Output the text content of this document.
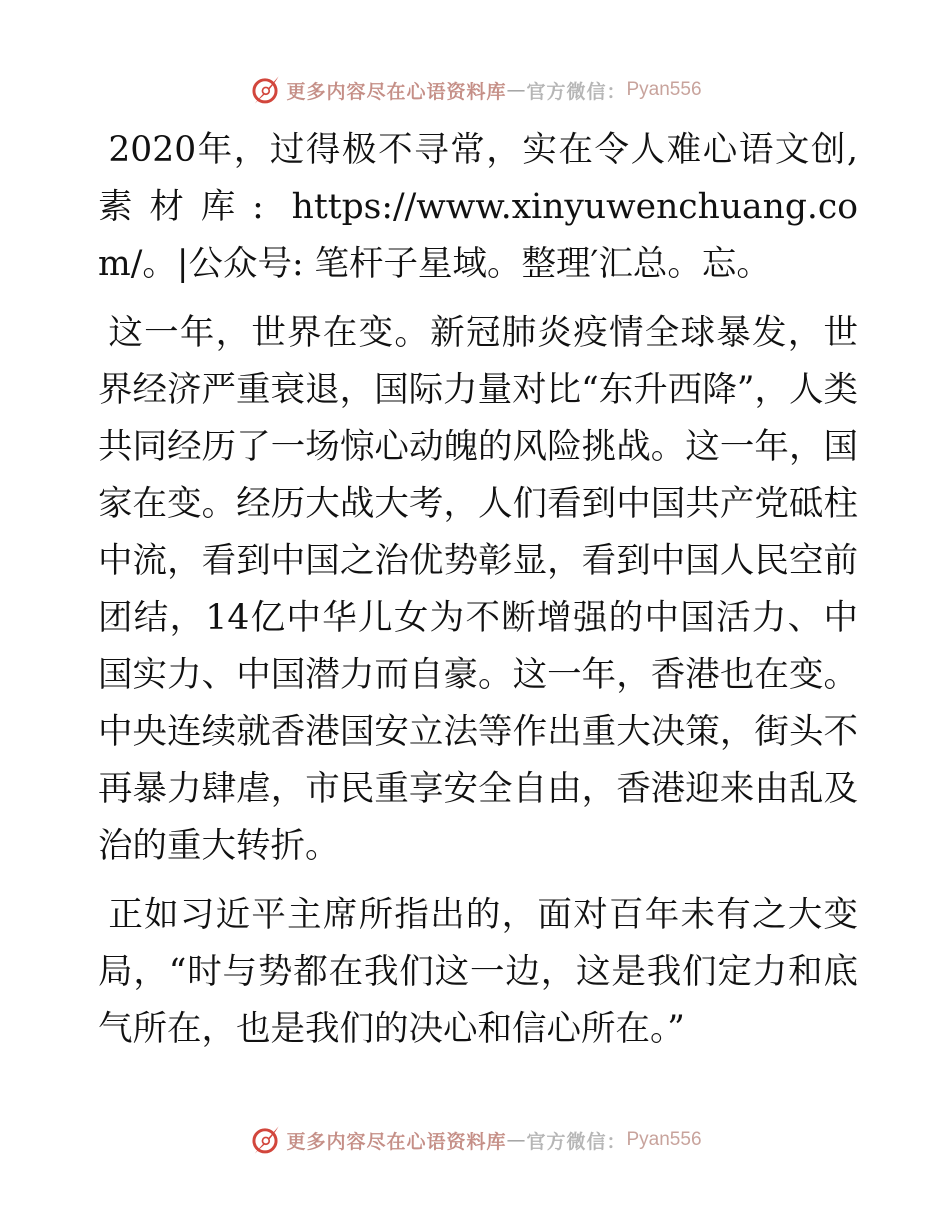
更多内容尽在心语资料库 — 官方微信： Pyan556

2020年，过得极不寻常，实在令人难心语文创,素材库: https://www.xinyuwenchuang.com/。|公众号: 笔杆子星域。整理′汇总。忘。

这一年，世界在变。新冠肺炎疫情全球暴发，世界经济严重衰退，国际力量对比“东升西降”，人类共同经历了一场惊心动魄的风险挑战。这一年，国家在变。经历大战大考，人们看到中国共产党砥柱中流，看到中国之治优势彰显，看到中国人民空前团结，14亿中华儿女为不断增强的中国活力、中国实力、中国潜力而自豪。这一年，香港也在变。中央连续就香港国安立法等作出重大决策，街头不再暴力肆虐，市民重享安全自由，香港迎来由乱及治的重大转折。

正如习近平主席所指出的，面对百年未有之大变局，“时与势都在我们这一边，这是我们定力和底气所在，也是我们的决心和信心所在。”

更多内容尽在心语资料库 — 官方微信： Pyan556
